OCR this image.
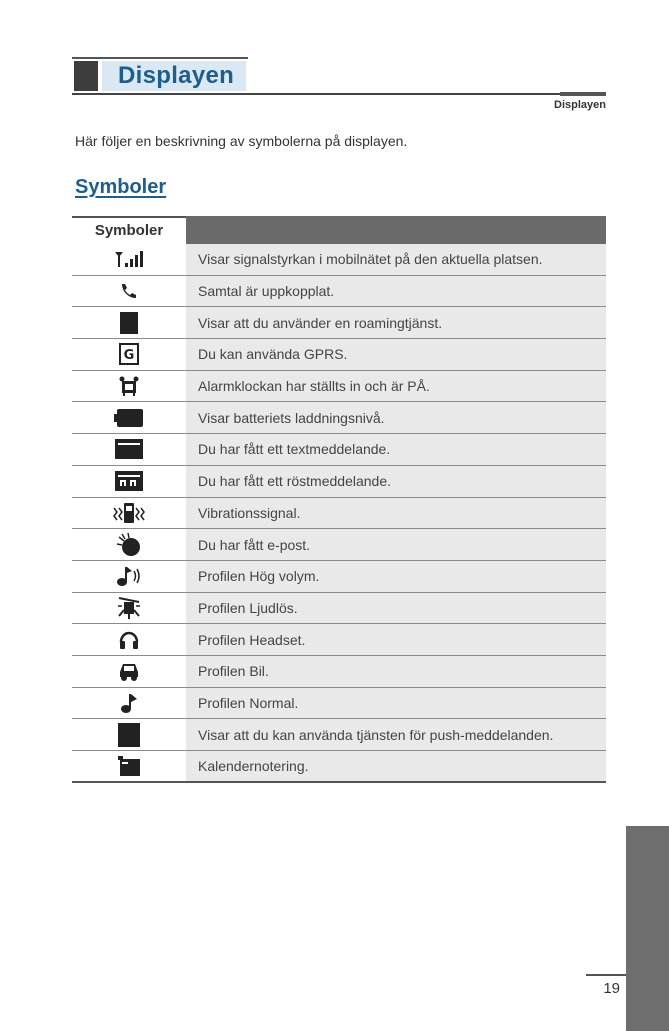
Displayen
Displayen
Här följer en beskrivning av symbolerna på displayen.
Symboler
Symboler
Visar signalstyrkan i mobilnätet på den aktuella platsen.
Samtal är uppkopplat.
Visar att du använder en roamingtjänst.
G	Du kan använda GPRS.
Alarmklockan har ställts in och är PÅ.
Visar batteriets laddningsnivå.
Du har fått ett textmeddelande.
Du har fått ett röstmeddelande.
Vibrationssignal.
Du har fått e-post.
Profilen Hög volym.
Profilen Ljudlös.
Profilen Headset.
Profilen Bil.
Profilen Normal.
Visar att du kan använda tjänsten för push-meddelanden.
Kalendernotering.
19
